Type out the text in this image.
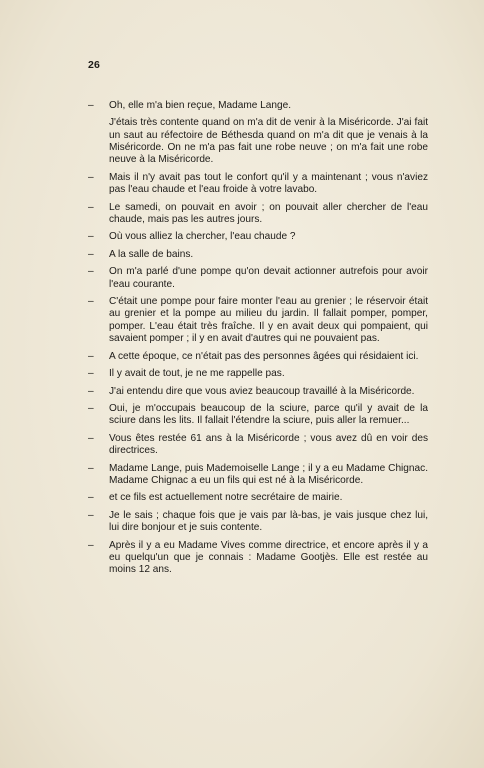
26

– Oh, elle m'a bien reçue, Madame Lange.

J'étais très contente quand on m'a dit de venir à la Miséricorde. J'ai fait un saut au réfectoire de Béthesda quand on m'a dit que je venais à la Miséricorde. On ne m'a pas fait une robe neuve ; on m'a fait une robe neuve à la Miséricorde.

– Mais il n'y avait pas tout le confort qu'il y a maintenant ; vous n'aviez pas l'eau chaude et l'eau froide à votre lavabo.

– Le samedi, on pouvait en avoir ; on pouvait aller chercher de l'eau chaude, mais pas les autres jours.

– Où vous alliez la chercher, l'eau chaude ?

– A la salle de bains.

– On m'a parlé d'une pompe qu'on devait actionner autrefois pour avoir l'eau courante.

– C'était une pompe pour faire monter l'eau au grenier ; le réservoir était au grenier et la pompe au milieu du jardin. Il fallait pomper, pomper, pomper. L'eau était très fraîche. Il y en avait deux qui pompaient, qui savaient pomper ; il y en avait d'autres qui ne pouvaient pas.

– A cette époque, ce n'était pas des personnes âgées qui résidaient ici.

– Il y avait de tout, je ne me rappelle pas.

– J'ai entendu dire que vous aviez beaucoup travaillé à la Miséricorde.

– Oui, je m'occupais beaucoup de la sciure, parce qu'il y avait de la sciure dans les lits. Il fallait l'étendre la sciure, puis aller la remuer...

– Vous êtes restée 61 ans à la Miséricorde ; vous avez dû en voir des directrices.

– Madame Lange, puis Mademoiselle Lange ; il y a eu Madame Chignac. Madame Chignac a eu un fils qui est né à la Miséricorde.

– et ce fils est actuellement notre secrétaire de mairie.

– Je le sais ; chaque fois que je vais par là-bas, je vais jusque chez lui, lui dire bonjour et je suis contente.

– Après il y a eu Madame Vives comme directrice, et encore après il y a eu quelqu'un que je connais : Madame Gootjès. Elle est restée au moins 12 ans.
